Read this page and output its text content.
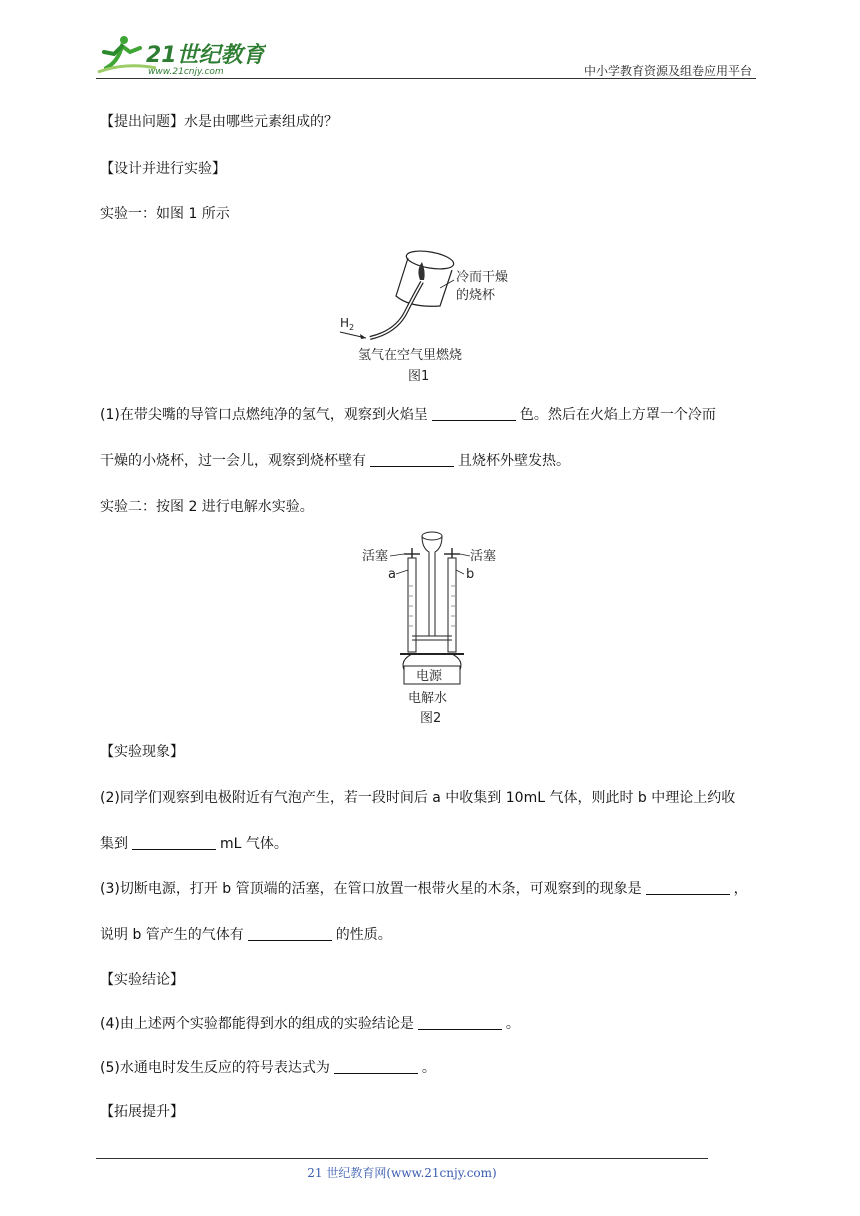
21世纪教育
www.21cnjy.com	中小学教育资源及组卷应用平台
【提出问题】水是由哪些元素组成的？
【设计并进行实验】
实验一：如图 1 所示
冷而干燥
的烧杯
H 2
氢气在空气里燃烧
图1
(1)在带尖嘴的导管口点燃纯净的氢气，观察到火焰呈	色。然后在火焰上方罩一个冷而
干燥的小烧杯，过一会儿，观察到烧杯壁有	且烧杯外壁发热。
实验二：按图 2 进行电解水实验。
电源
活塞	活塞
a	b
电解水
图2
【实验现象】
(2)同学们观察到电极附近有气泡产生，若一段时间后 a 中收集到 10mL 气体，则此时 b 中理论上约收
集到	mL 气体。
(3)切断电源，打开 b 管顶端的活塞，在管口放置一根带火星的木条，可观察到的现象是	，
说明 b 管产生的气体有	的性质。
【实验结论】
(4)由上述两个实验都能得到水的组成的实验结论是	。
(5)水通电时发生反应的符号表达式为	。
【拓展提升】
21 世纪教育网(www.21cnjy.com)
